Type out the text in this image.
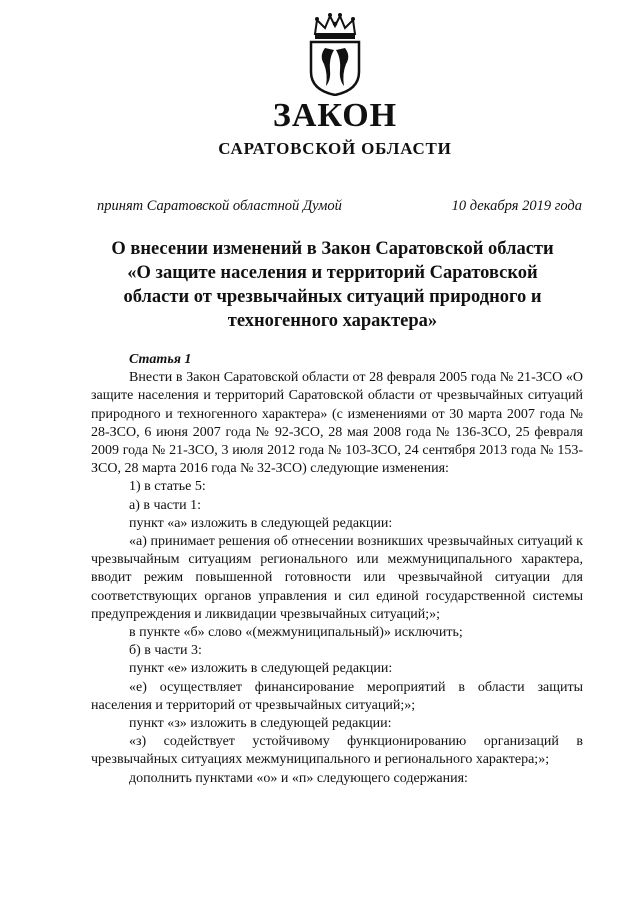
ЗАКОН
САРАТОВСКОЙ ОБЛАСТИ
принят Саратовской областной Думой	10 декабря 2019 года
О внесении изменений в Закон Саратовской области
«О защите населения и территорий Саратовской
области от чрезвычайных ситуаций природного и
техногенного характера»

Статья 1

Внести в Закон Саратовской области от 28 февраля 2005 года № 21-ЗСО «О защите населения и территорий Саратовской области от чрезвычайных ситуаций природного и техногенного характера» (с изменениями от 30 марта 2007 года № 28-ЗСО, 6 июня 2007 года № 92-ЗСО, 28 мая 2008 года № 136-ЗСО, 25 февраля 2009 года № 21-ЗСО, 3 июля 2012 года № 103-ЗСО, 24 сентября 2013 года № 153-ЗСО, 28 марта 2016 года № 32-ЗСО) следующие изменения:

1) в статье 5:

а) в части 1:

пункт «а» изложить в следующей редакции:

«а) принимает решения об отнесении возникших чрезвычайных ситуаций к чрезвычайным ситуациям регионального или межмуниципального характера, вводит режим повышенной готовности или чрезвычайной ситуации для соответствующих органов управления и сил единой государственной системы предупреждения и ликвидации чрезвычайных ситуаций;»;

в пункте «б» слово «(межмуниципальный)» исключить;

б) в части 3:

пункт «е» изложить в следующей редакции:

«е) осуществляет финансирование мероприятий в области защиты населения и территорий от чрезвычайных ситуаций;»;

пункт «з» изложить в следующей редакции:

«з) содействует устойчивому функционированию организаций в чрезвычайных ситуациях межмуниципального и регионального характера;»;

дополнить пунктами «о» и «п» следующего содержания:
